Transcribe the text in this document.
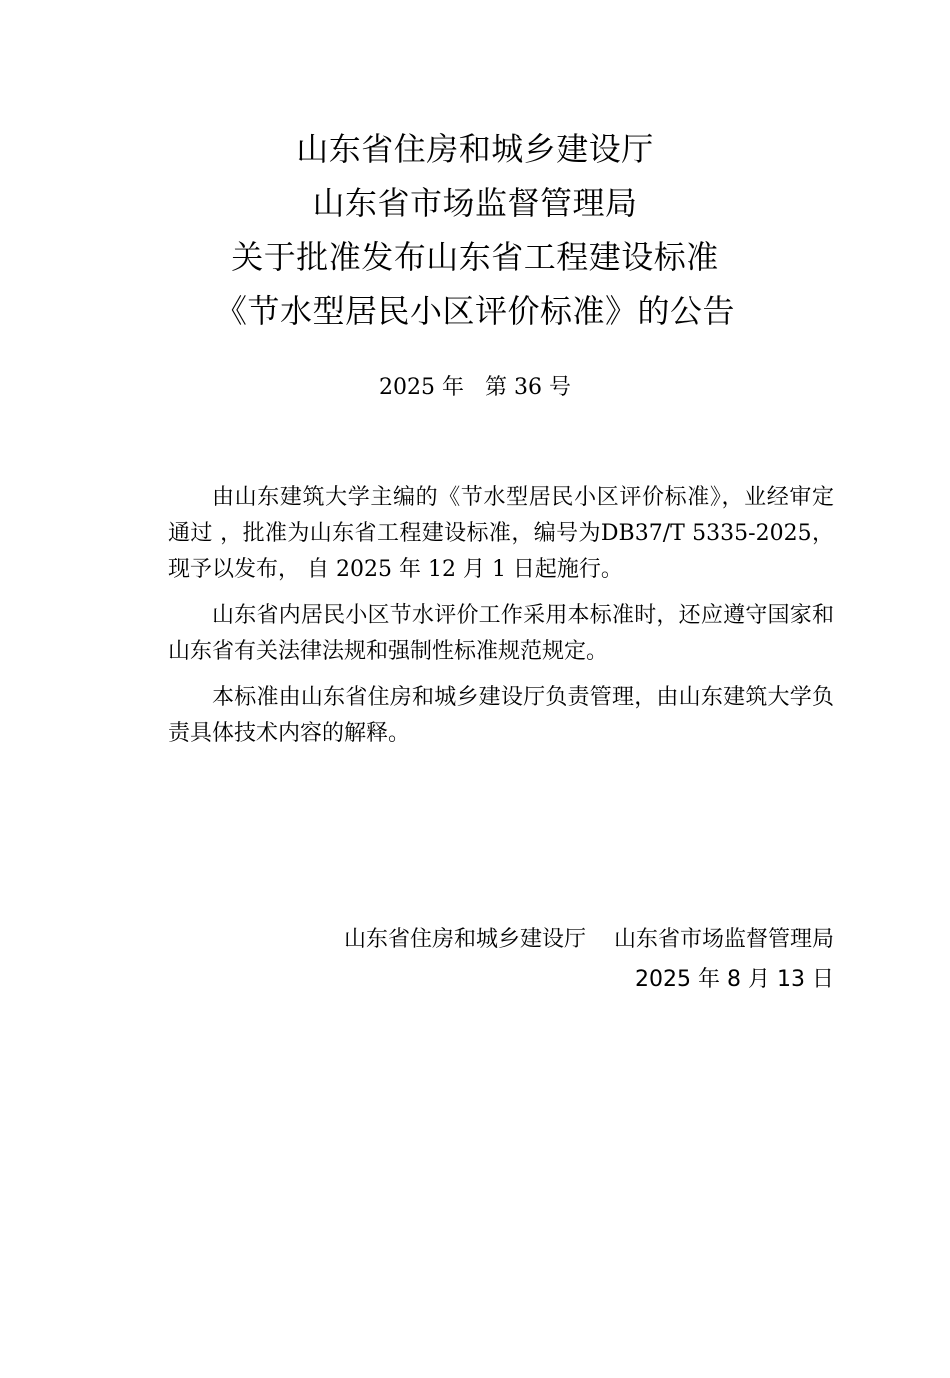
山东省住房和城乡建设厅
山东省市场监督管理局
关于批准发布山东省工程建设标准
《节水型居民小区评价标准》的公告
2025 年   第 36 号

由山东建筑大学主编的《节水型居民小区评价标准》，业经审定通过 ，批准为山东省工程建设标准，编号为DB37/T 5335-2025，现予以发布， 自 2025 年 12 月 1 日起施行。

山东省内居民小区节水评价工作采用本标准时，还应遵守国家和山东省有关法律法规和强制性标准规范规定。

本标准由山东省住房和城乡建设厅负责管理，由山东建筑大学负责具体技术内容的解释。

山东省住房和城乡建设厅    山东省市场监督管理局
2025 年 8 月 13 日
